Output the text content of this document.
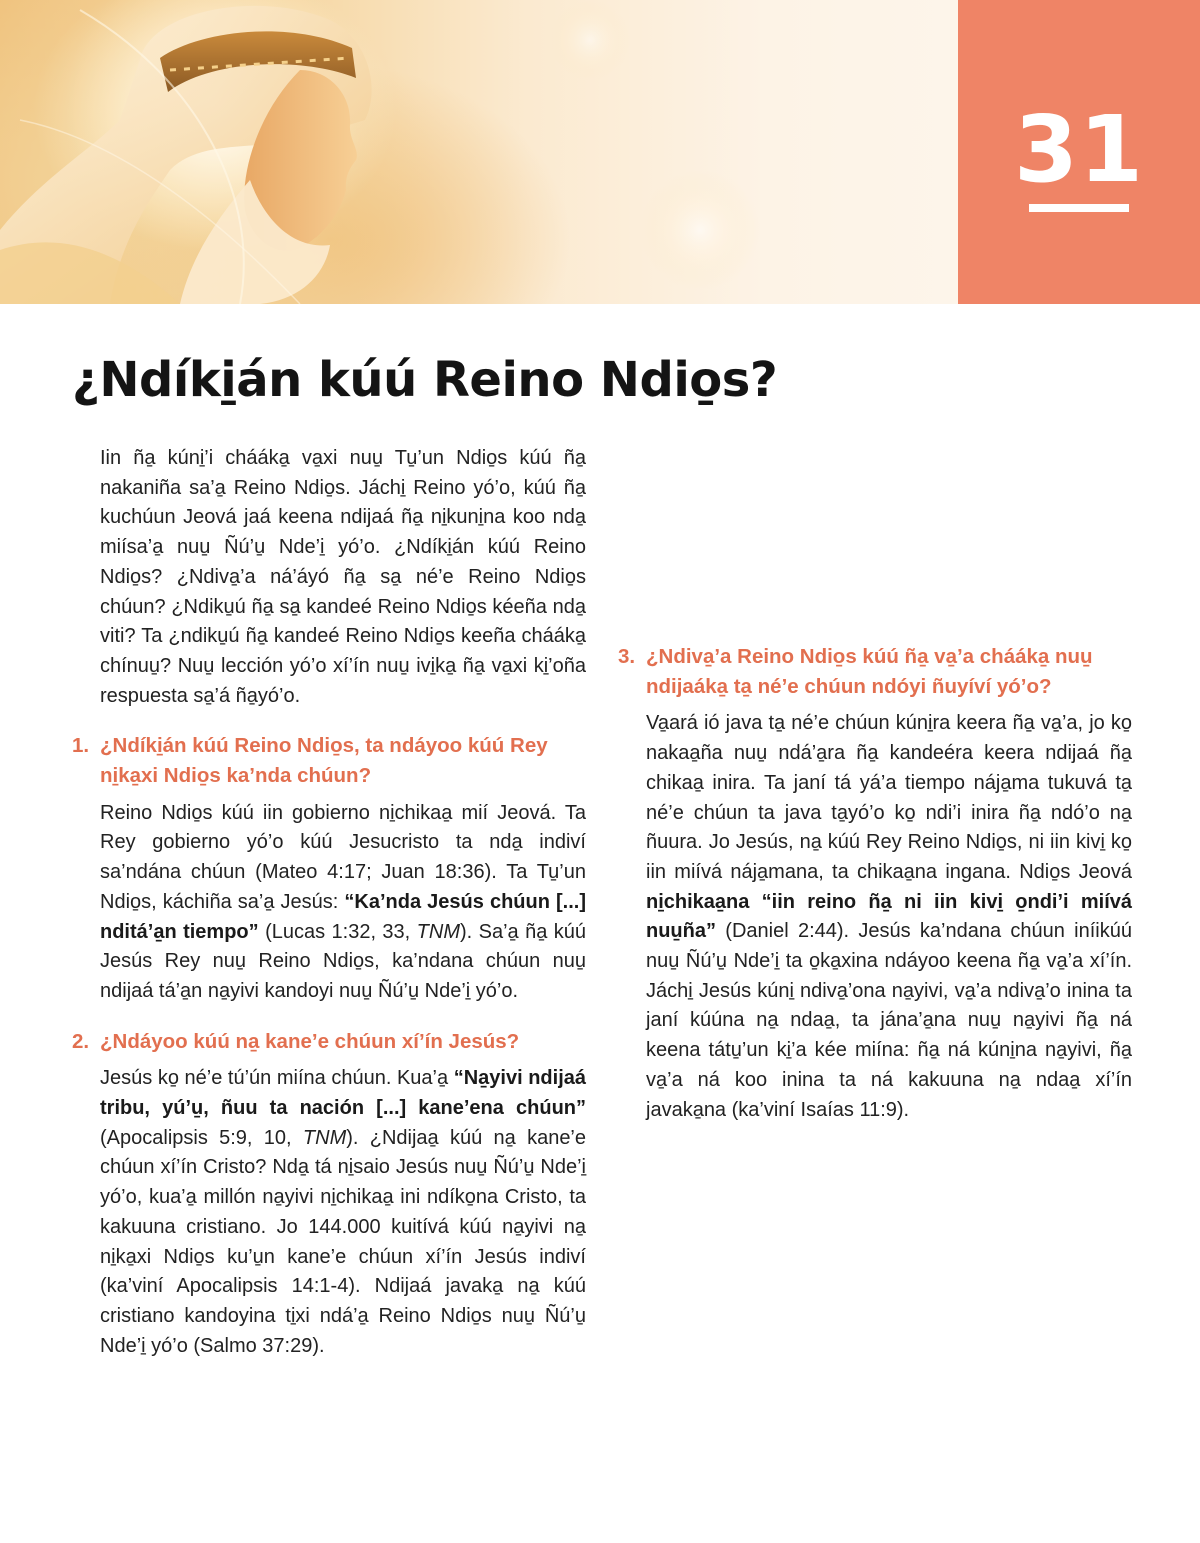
31
¿Ndíki̱án kúú Reino Ndio̱s?

Iin ña̱ kúni̱’i chááka̱ va̱xi nuu̱ Tu̱’un Ndio̱s kúú ña̱ nakaniña sa’a̱ Reino Ndio̱s. Jáchi̱ Reino yó’o, kúú ña̱ kuchúun Jeová jaá keena ndijaá ña̱ ni̱kuni̱na koo nda̱ miísa’a̱ nuu̱ Ñú’u̱ Nde’i̱ yó’o. ¿Ndíki̱án kúú Reino Ndio̱s? ¿Ndiva̱’a ná’áyó ña̱ sa̱ né’e Reino Ndio̱s chúun? ¿Ndiku̱ú ña̱ sa̱ kandeé Reino Ndio̱s kéeña nda̱ viti? Ta ¿ndiku̱ú ña̱ kandeé Reino Ndio̱s keeña chááka̱ chínuu̱? Nuu̱ lección yó’o xí’ín nuu̱ ivi̱ka̱ ña̱ va̱xi ki̱’oña respuesta sa̱’á ña̱yó’o.

1. ¿Ndíki̱án kúú Reino Ndio̱s, ta ndáyoo kúú Rey ni̱ka̱xi Ndio̱s ka’nda chúun?

Reino Ndio̱s kúú iin gobierno ni̱chikaa̱ mií Jeová. Ta Rey gobierno yó’o kúú Jesucristo ta nda̱ indiví sa’ndána chúun (Mateo 4:17; Juan 18:36). Ta Tu̱’un Ndio̱s, káchiña sa’a̱ Jesús: “Ka’nda Jesús chúun [...] nditá’a̱n tiempo” (Lucas 1:32, 33, TNM). Sa’a̱ ña̱ kúú Jesús Rey nuu̱ Reino Ndio̱s, ka’ndana chúun nuu̱ ndijaá tá’a̱n na̱yivi kandoyi nuu̱ Ñú’u̱ Nde’i̱ yó’o.

2. ¿Ndáyoo kúú na̱ kane’e chúun xí’ín Jesús?

Jesús ko̱ né’e tú’ún miína chúun. Kua’a̱ “Na̱yivi ndijaá tribu, yú’u̱, ñuu ta nación [...] kane’ena chúun” (Apocalipsis 5:9, 10, TNM). ¿Ndijaa̱ kúú na̱ kane’e chúun xí’ín Cristo? Nda̱ tá ni̱saio Jesús nuu̱ Ñú’u̱ Nde’i̱ yó’o, kua’a̱ millón na̱yivi ni̱chikaa̱ ini ndíko̱na Cristo, ta kakuuna cristiano. Jo 144.000 kuitívá kúú na̱yivi na̱ ni̱ka̱xi Ndio̱s ku’u̱n kane’e chúun xí’ín Jesús indiví (ka’viní Apocalipsis 14:1-4). Ndijaá javaka̱ na̱ kúú cristiano kandoyina ti̱xi ndá’a̱ Reino Ndio̱s nuu̱ Ñú’u̱ Nde’i̱ yó’o (Salmo 37:29).

3. ¿Ndiva̱’a Reino Ndio̱s kúú ña̱ va̱’a chááka̱ nuu̱ ndijaáka̱ ta̱ né’e chúun ndóyi ñuyíví yó’o?

Va̱ará ió java ta̱ né’e chúun kúni̱ra keera ña̱ va̱’a, jo ko̱ nakaa̱ña nuu̱ ndá’a̱ra ña̱ kandeéra keera ndijaá ña̱ chikaa̱ inira. Ta janí tá yá’a tiempo nája̱ma tukuvá ta̱ né’e chúun ta java ta̱yó’o ko̱ ndi’i inira ña̱ ndó’o na̱ ñuura. Jo Jesús, na̱ kúú Rey Reino Ndio̱s, ni iin kivi̱ ko̱ iin miívá nája̱mana, ta chikaa̱na ingana. Ndio̱s Jeová ni̱chikaa̱na “iin reino ña̱ ni iin kivi̱ o̱ndi’i miívá nuu̱ña” (Daniel 2:44). Jesús ka’ndana chúun iníikúú nuu̱ Ñú’u̱ Nde’i̱ ta o̱ka̱xina ndáyoo keena ña̱ va̱’a xí’ín. Jáchi̱ Jesús kúni̱ ndiva̱’ona na̱yivi, va̱’a ndiva̱’o inina ta janí kúúna na̱ ndaa̱, ta jána’a̱na nuu̱ na̱yivi ña̱ ná keena tátu̱’un ki̱’a kée miína: ña̱ ná kúni̱na na̱yivi, ña̱ va̱’a ná koo inina ta ná kakuuna na̱ ndaa̱ xí’ín javaka̱na (ka’viní Isaías 11:9).
